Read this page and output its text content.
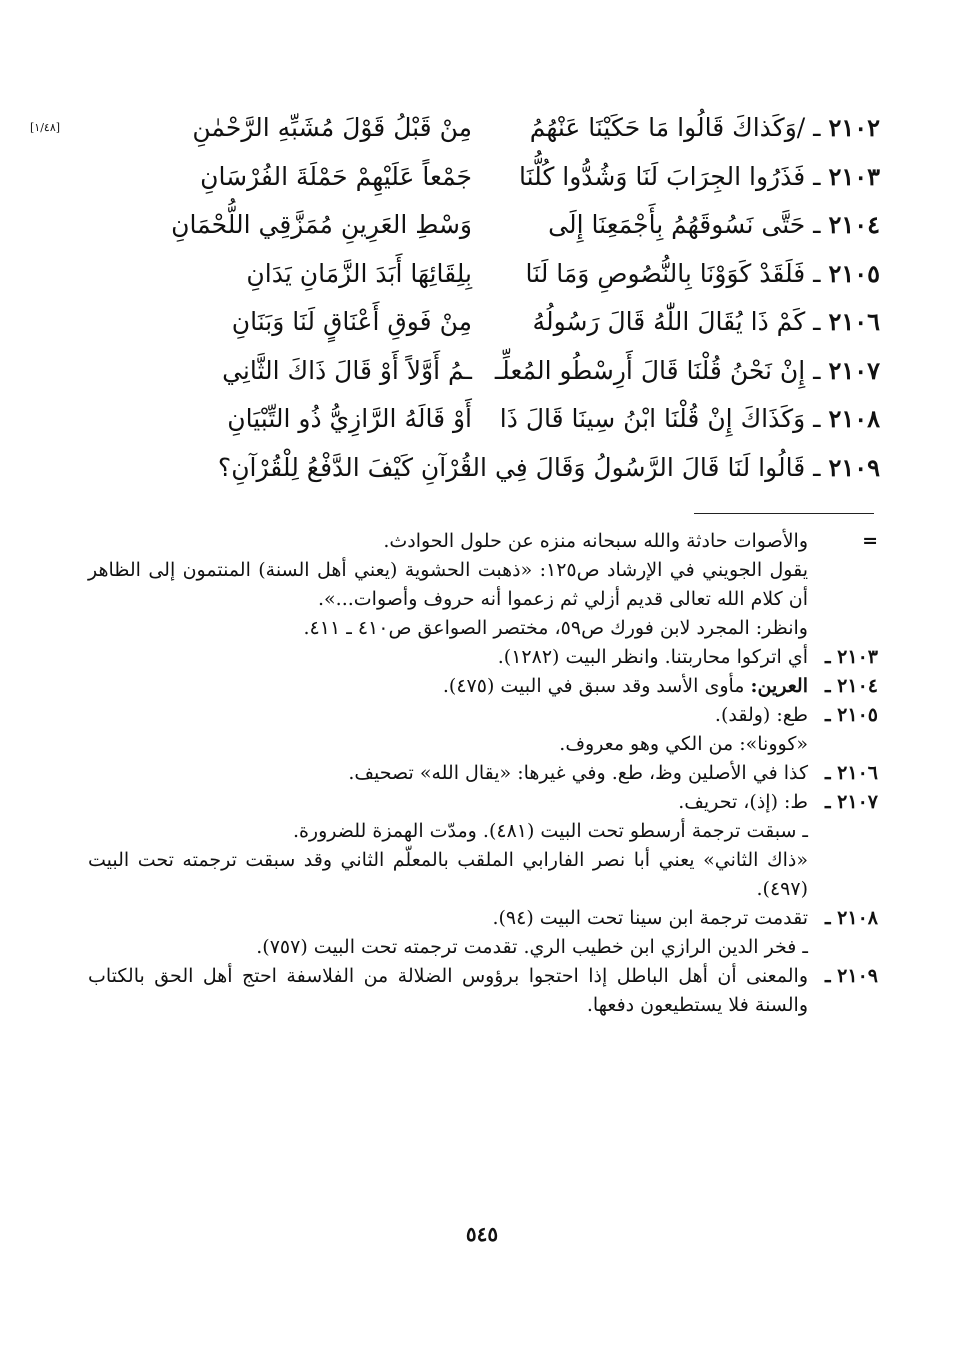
٢١٠٢ ـ /وَكَذاكَ قَالُوا مَا حَكَيْنَا عَنْهُمُ
مِنْ قَبْلُ قَوْلَ مُشَبِّهِ الرَّحْمٰنِ
[١/٤٨]
٢١٠٣ ـ فَذَرُوا الجِرَابَ لَنَا وَشُدُّوا كُلُّنَا
جَمْعاً عَلَيْهِمْ حَمْلَةَ الفُرْسَانِ
٢١٠٤ ـ حَتَّى نَسُوقَهُمُ بِأَجْمَعِنَا إِلَى
وَسْطِ العَرِينِ مُمَزَّقِي اللُّحْمَانِ
٢١٠٥ ـ فَلَقَدْ كَوَوْنَا بِالنُّصُوصِ وَمَا لَنَا
بِلِقَائِهَا أَبَدَ الزَّمَانِ يَدَانِ
٢١٠٦ ـ كَمْ ذَا يُقَالَ اللّٰهُ قَالَ رَسُولُهُ
مِنْ فَوقِ أَعْنَاقٍ لَنَا وَبَنَانِ
٢١٠٧ ـ إِنْ نَحْنُ قُلْنَا قَالَ أَرِسْطُو المُعلِّـ
ـمُ أَوَّلاً أَوْ قَالَ ذَاكَ الثَّانِي
٢١٠٨ ـ وَكَذَاكَ إِنْ قُلْنَا ابْنُ سِينَا قَالَ ذَا
أَوْ قَالَهُ الرَّازِيُّ ذُو التِّبْيَانِ
٢١٠٩ ـ قَالُوا لَنَا قَالَ الرَّسُولُ وَقَالَ فِي الـ
قُرْآنِ كَيْفَ الدَّفْعُ لِلْقُرْآنِ؟
=
والأصوات حادثة والله سبحانه منزه عن حلول الحوادث.
يقول الجويني في الإرشاد ص١٢٥: «ذهبت الحشوية (يعني أهل السنة) المنتمون إلى الظاهر أن كلام الله تعالى قديم أزلي ثم زعموا أنه حروف وأصوات...».
وانظر: المجرد لابن فورك ص٥٩، مختصر الصواعق ص٤١٠ ـ ٤١١.
٢١٠٣ ـ
أي اتركوا محاربتنا. وانظر البيت (١٢٨٢).
٢١٠٤ ـ
العرين: مأوى الأسد وقد سبق في البيت (٤٧٥).
٢١٠٥ ـ
طع: (ولقد).
«كوونا»: من الكي وهو معروف.
٢١٠٦ ـ
كذا في الأصلين وظ، طع. وفي غيرها: «يقال الله» تصحيف.
٢١٠٧ ـ
ط: (إذ)، تحريف.
ـ سبقت ترجمة أرسطو تحت البيت (٤٨١). ومدّت الهمزة للضرورة.
«ذاك الثاني» يعني أبا نصر الفارابي الملقب بالمعلّم الثاني وقد سبقت ترجمته تحت البيت (٤٩٧).
٢١٠٨ ـ
تقدمت ترجمة ابن سينا تحت البيت (٩٤).
ـ فخر الدين الرازي ابن خطيب الري. تقدمت ترجمته تحت البيت (٧٥٧).
٢١٠٩ ـ
والمعنى أن أهل الباطل إذا احتجوا برؤوس الضلالة من الفلاسفة احتج أهل الحق بالكتاب والسنة فلا يستطيعون دفعها.
٥٤٥
